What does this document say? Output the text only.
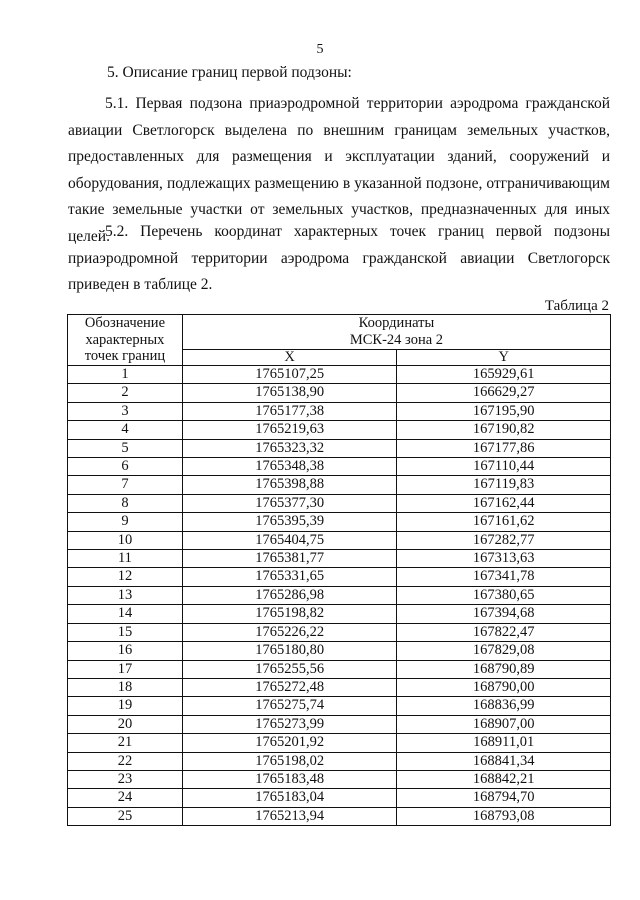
5
5. Описание границ первой подзоны:
5.1. Первая подзона приаэродромной территории аэродрома гражданской авиации Светлогорск выделена по внешним границам земельных участков, предоставленных для размещения и эксплуатации зданий, сооружений и оборудования, подлежащих размещению в указанной подзоне, отграничивающим такие земельные участки от земельных участков, предназначенных для иных целей.
5.2. Перечень координат характерных точек границ первой подзоны приаэродромной территории аэродрома гражданской авиации Светлогорск приведен в таблице 2.
Таблица 2
Обозначение
характерных
точек границ	Координаты
МСК-24 зона 2	

	X	Y
1	1765107,25	165929,61
2	1765138,90	166629,27
3	1765177,38	167195,90
4	1765219,63	167190,82
5	1765323,32	167177,86
6	1765348,38	167110,44
7	1765398,88	167119,83
8	1765377,30	167162,44
9	1765395,39	167161,62
10	1765404,75	167282,77
11	1765381,77	167313,63
12	1765331,65	167341,78
13	1765286,98	167380,65
14	1765198,82	167394,68
15	1765226,22	167822,47
16	1765180,80	167829,08
17	1765255,56	168790,89
18	1765272,48	168790,00
19	1765275,74	168836,99
20	1765273,99	168907,00
21	1765201,92	168911,01
22	1765198,02	168841,34
23	1765183,48	168842,21
24	1765183,04	168794,70
25	1765213,94	168793,08
